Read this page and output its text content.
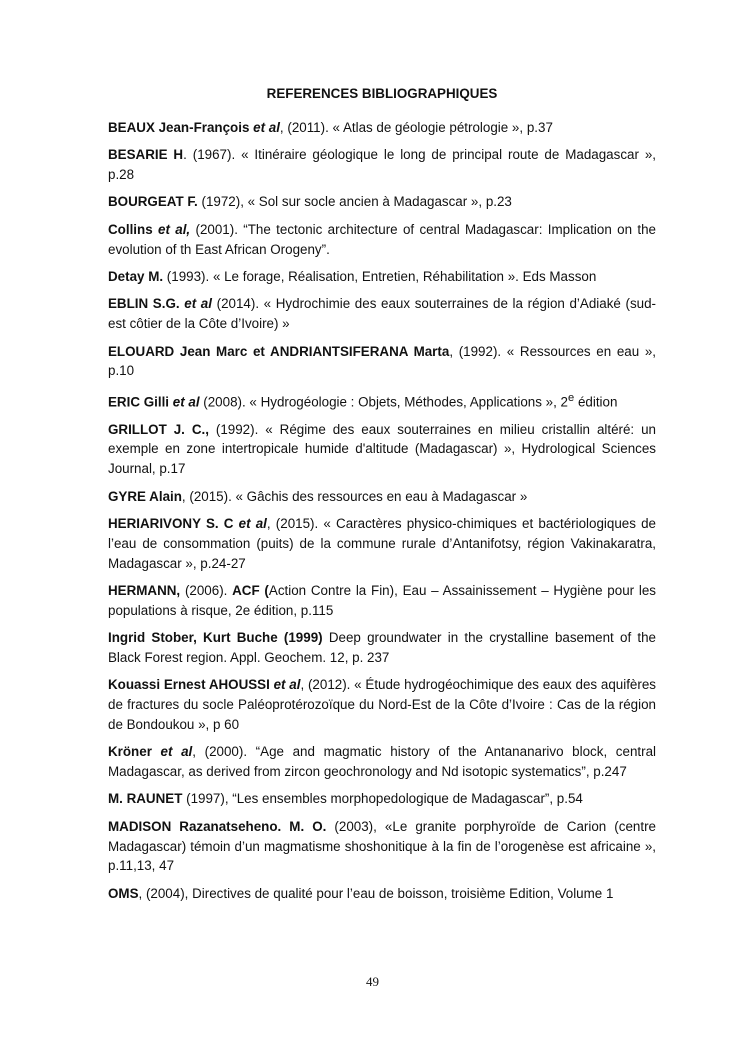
REFERENCES BIBLIOGRAPHIQUES

BEAUX Jean-François et al, (2011). « Atlas de géologie pétrologie », p.37

BESARIE H. (1967). « Itinéraire géologique le long de principal route de Madagascar », p.28

BOURGEAT F. (1972), « Sol sur socle ancien à Madagascar », p.23

Collins et al, (2001). “The tectonic architecture of central Madagascar: Implication on the evolution of th East African Orogeny”.

Detay M. (1993). « Le forage, Réalisation, Entretien, Réhabilitation ». Eds Masson

EBLIN S.G. et al (2014). « Hydrochimie des eaux souterraines de la région d’Adiaké (sud-est côtier de la Côte d’Ivoire) »

ELOUARD Jean Marc et ANDRIANTSIFERANA Marta, (1992). « Ressources en eau », p.10

ERIC Gilli et al (2008). « Hydrogéologie : Objets, Méthodes, Applications », 2e édition

GRILLOT J. C., (1992). « Régime des eaux souterraines en milieu cristallin altéré: un exemple en zone intertropicale humide d'altitude (Madagascar) », Hydrological Sciences Journal, p.17

GYRE Alain, (2015). « Gâchis des ressources en eau à Madagascar »

HERIARIVONY S. C et al, (2015). « Caractères physico-chimiques et bactériologiques de l’eau de consommation (puits) de la commune rurale d’Antanifotsy, région Vakinakaratra, Madagascar », p.24-27

HERMANN, (2006). ACF (Action Contre la Fin), Eau – Assainissement – Hygiène pour les populations à risque, 2e édition, p.115

Ingrid Stober, Kurt Buche (1999) Deep groundwater in the crystalline basement of the Black Forest region. Appl. Geochem. 12, p. 237

Kouassi Ernest AHOUSSI et al, (2012). « Étude hydrogéochimique des eaux des aquifères de fractures du socle Paléoprotérozoïque du Nord-Est de la Côte d’Ivoire : Cas de la région de Bondoukou », p 60

Kröner et al, (2000). “Age and magmatic history of the Antananarivo block, central Madagascar, as derived from zircon geochronology and Nd isotopic systematics”, p.247

M. RAUNET (1997), “Les ensembles morphopedologique de Madagascar”, p.54

MADISON Razanatseheno. M. O. (2003), «Le granite porphyroïde de Carion (centre Madagascar) témoin d’un magmatisme shoshonitique à la fin de l’orogenèse est africaine », p.11,13, 47

OMS, (2004), Directives de qualité pour l’eau de boisson, troisième Edition, Volume 1

49
